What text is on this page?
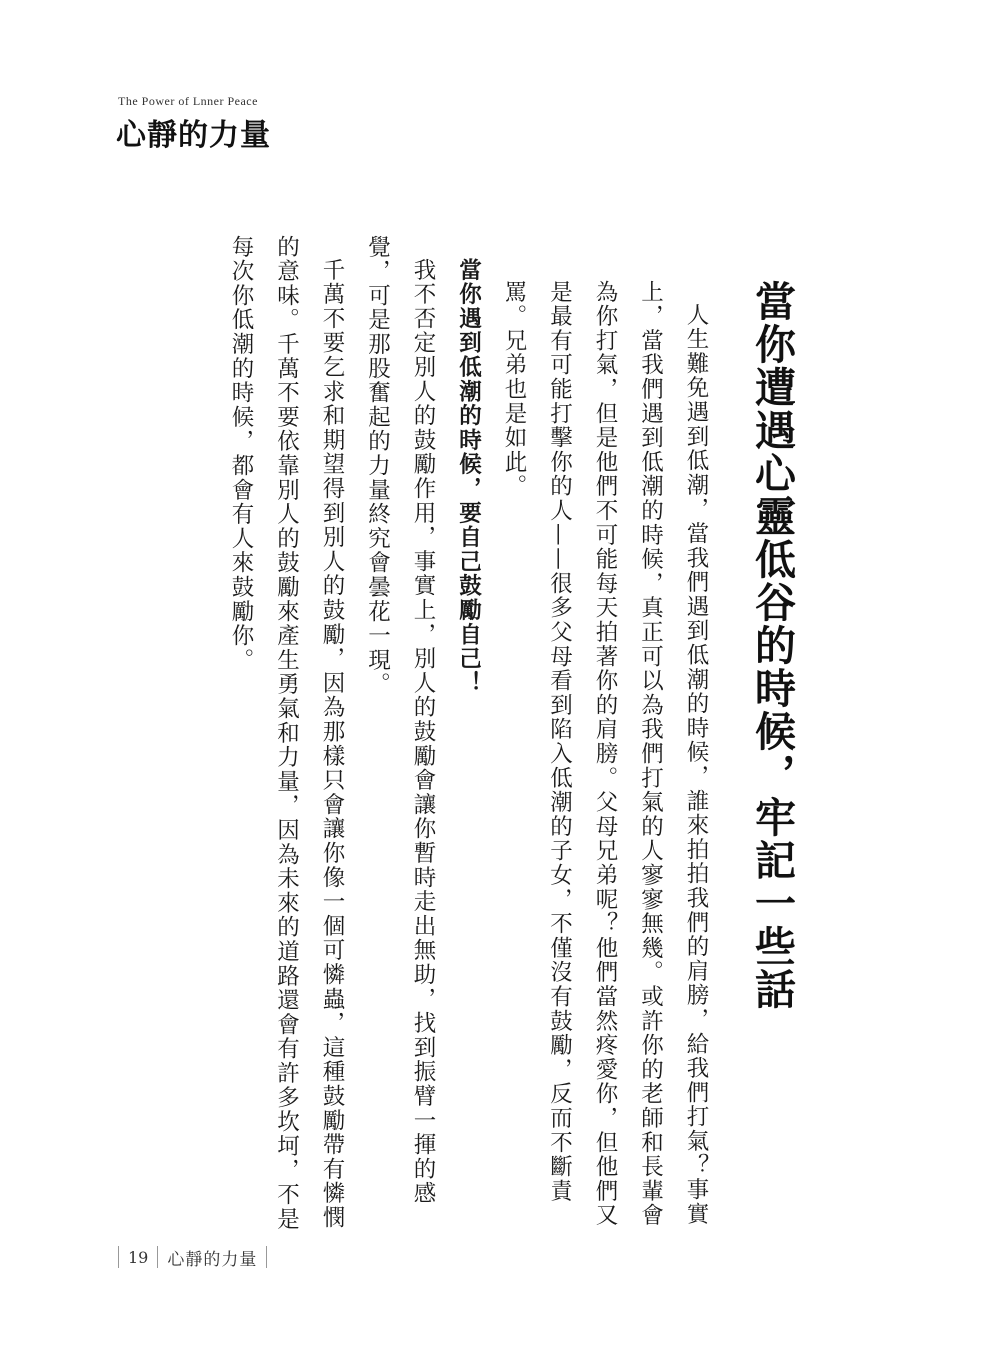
The Power of Lnner Peace
心靜的力量
當你遭遇心靈低谷的時候，牢記一些話

人生難免遇到低潮，當我們遇到低潮的時候，誰來拍拍我們的肩膀，給我們打氣？事實上，當我們遇到低潮的時候，真正可以為我們打氣的人寥寥無幾。或許你的老師和長輩會為你打氣，但是他們不可能每天拍著你的肩膀。父母兄弟呢？他們當然疼愛你，但他們又是最有可能打擊你的人——很多父母看到陷入低潮的子女，不僅沒有鼓勵，反而不斷責罵。兄弟也是如此。

當你遇到低潮的時候，要自己鼓勵自己！

我不否定別人的鼓勵作用，事實上，別人的鼓勵會讓你暫時走出無助，找到振臂一揮的感覺，可是那股奮起的力量終究會曇花一現。

千萬不要乞求和期望得到別人的鼓勵，因為那樣只會讓你像一個可憐蟲，這種鼓勵帶有憐憫的意味。千萬不要依靠別人的鼓勵來產生勇氣和力量，因為未來的道路還會有許多坎坷，不是每次你低潮的時候，都會有人來鼓勵你。

19	心靜的力量
